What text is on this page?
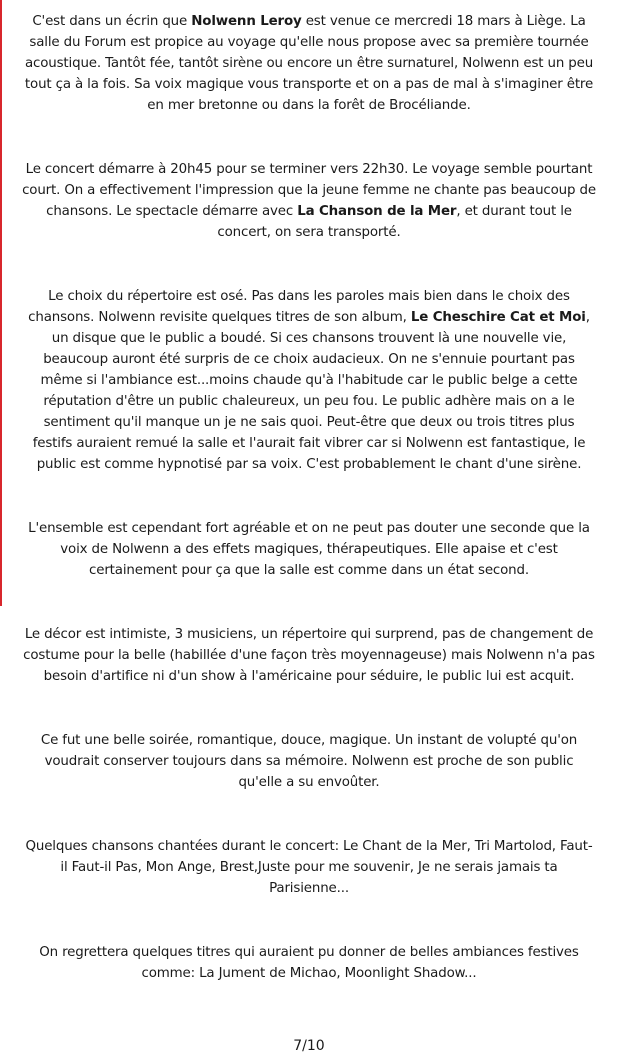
C'est dans un écrin que Nolwenn Leroy est venue ce mercredi 18 mars à Liège. La salle du Forum est propice au voyage qu'elle nous propose avec sa première tournée acoustique. Tantôt fée, tantôt sirène ou encore un être surnaturel, Nolwenn est un peu tout ça à la fois. Sa voix magique vous transporte et on a pas de mal à s'imaginer être en mer bretonne ou dans la forêt de Brocéliande.

Le concert démarre à 20h45 pour se terminer vers 22h30. Le voyage semble pourtant court. On a effectivement l'impression que la jeune femme ne chante pas beaucoup de chansons. Le spectacle démarre avec La Chanson de la Mer, et durant tout le concert, on sera transporté.

Le choix du répertoire est osé. Pas dans les paroles mais bien dans le choix des chansons. Nolwenn revisite quelques titres de son album, Le Cheschire Cat et Moi, un disque que le public a boudé. Si ces chansons trouvent là une nouvelle vie, beaucoup auront été surpris de ce choix audacieux. On ne s'ennuie pourtant pas même si l'ambiance est...moins chaude qu'à l'habitude car le public belge a cette réputation d'être un public chaleureux, un peu fou. Le public adhère mais on a le sentiment qu'il manque un je ne sais quoi. Peut-être que deux ou trois titres plus festifs auraient remué la salle et l'aurait fait vibrer car si Nolwenn est fantastique, le public est comme hypnotisé par sa voix. C'est probablement le chant d'une sirène.

L'ensemble est cependant fort agréable et on ne peut pas douter une seconde que la voix de Nolwenn a des effets magiques, thérapeutiques. Elle apaise et c'est certainement pour ça que la salle est comme dans un état second.

Le décor est intimiste, 3 musiciens, un répertoire qui surprend, pas de changement de costume pour la belle (habillée d'une façon très moyennageuse) mais Nolwenn n'a pas besoin d'artifice ni d'un show à l'américaine pour séduire, le public lui est acquit.

Ce fut une belle soirée, romantique, douce, magique. Un instant de volupté qu'on voudrait conserver toujours dans sa mémoire. Nolwenn est proche de son public qu'elle a su envoûter.

Quelques chansons chantées durant le concert: Le Chant de la Mer, Tri Martolod, Faut-il Faut-il Pas, Mon Ange, Brest,Juste pour me souvenir, Je ne serais jamais ta Parisienne...

On regrettera quelques titres qui auraient pu donner de belles ambiances festives comme: La Jument de Michao, Moonlight Shadow...

7/10
